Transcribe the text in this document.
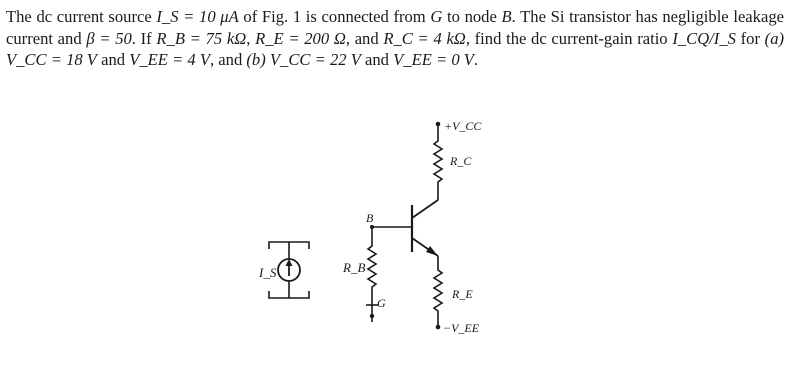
The dc current source I_S = 10 μA of Fig. 1 is connected from G to node B. The Si transistor has negligible leakage current and β = 50. If R_B = 75 kΩ, R_E = 200 Ω, and R_C = 4 kΩ, find the dc current-gain ratio I_CQ/I_S for (a) V_CC = 18 V and V_EE = 4 V, and (b) V_CC = 22 V and V_EE = 0 V.

I_S
B
R_B
G
+V_CC
R_C
R_E
−V_EE
